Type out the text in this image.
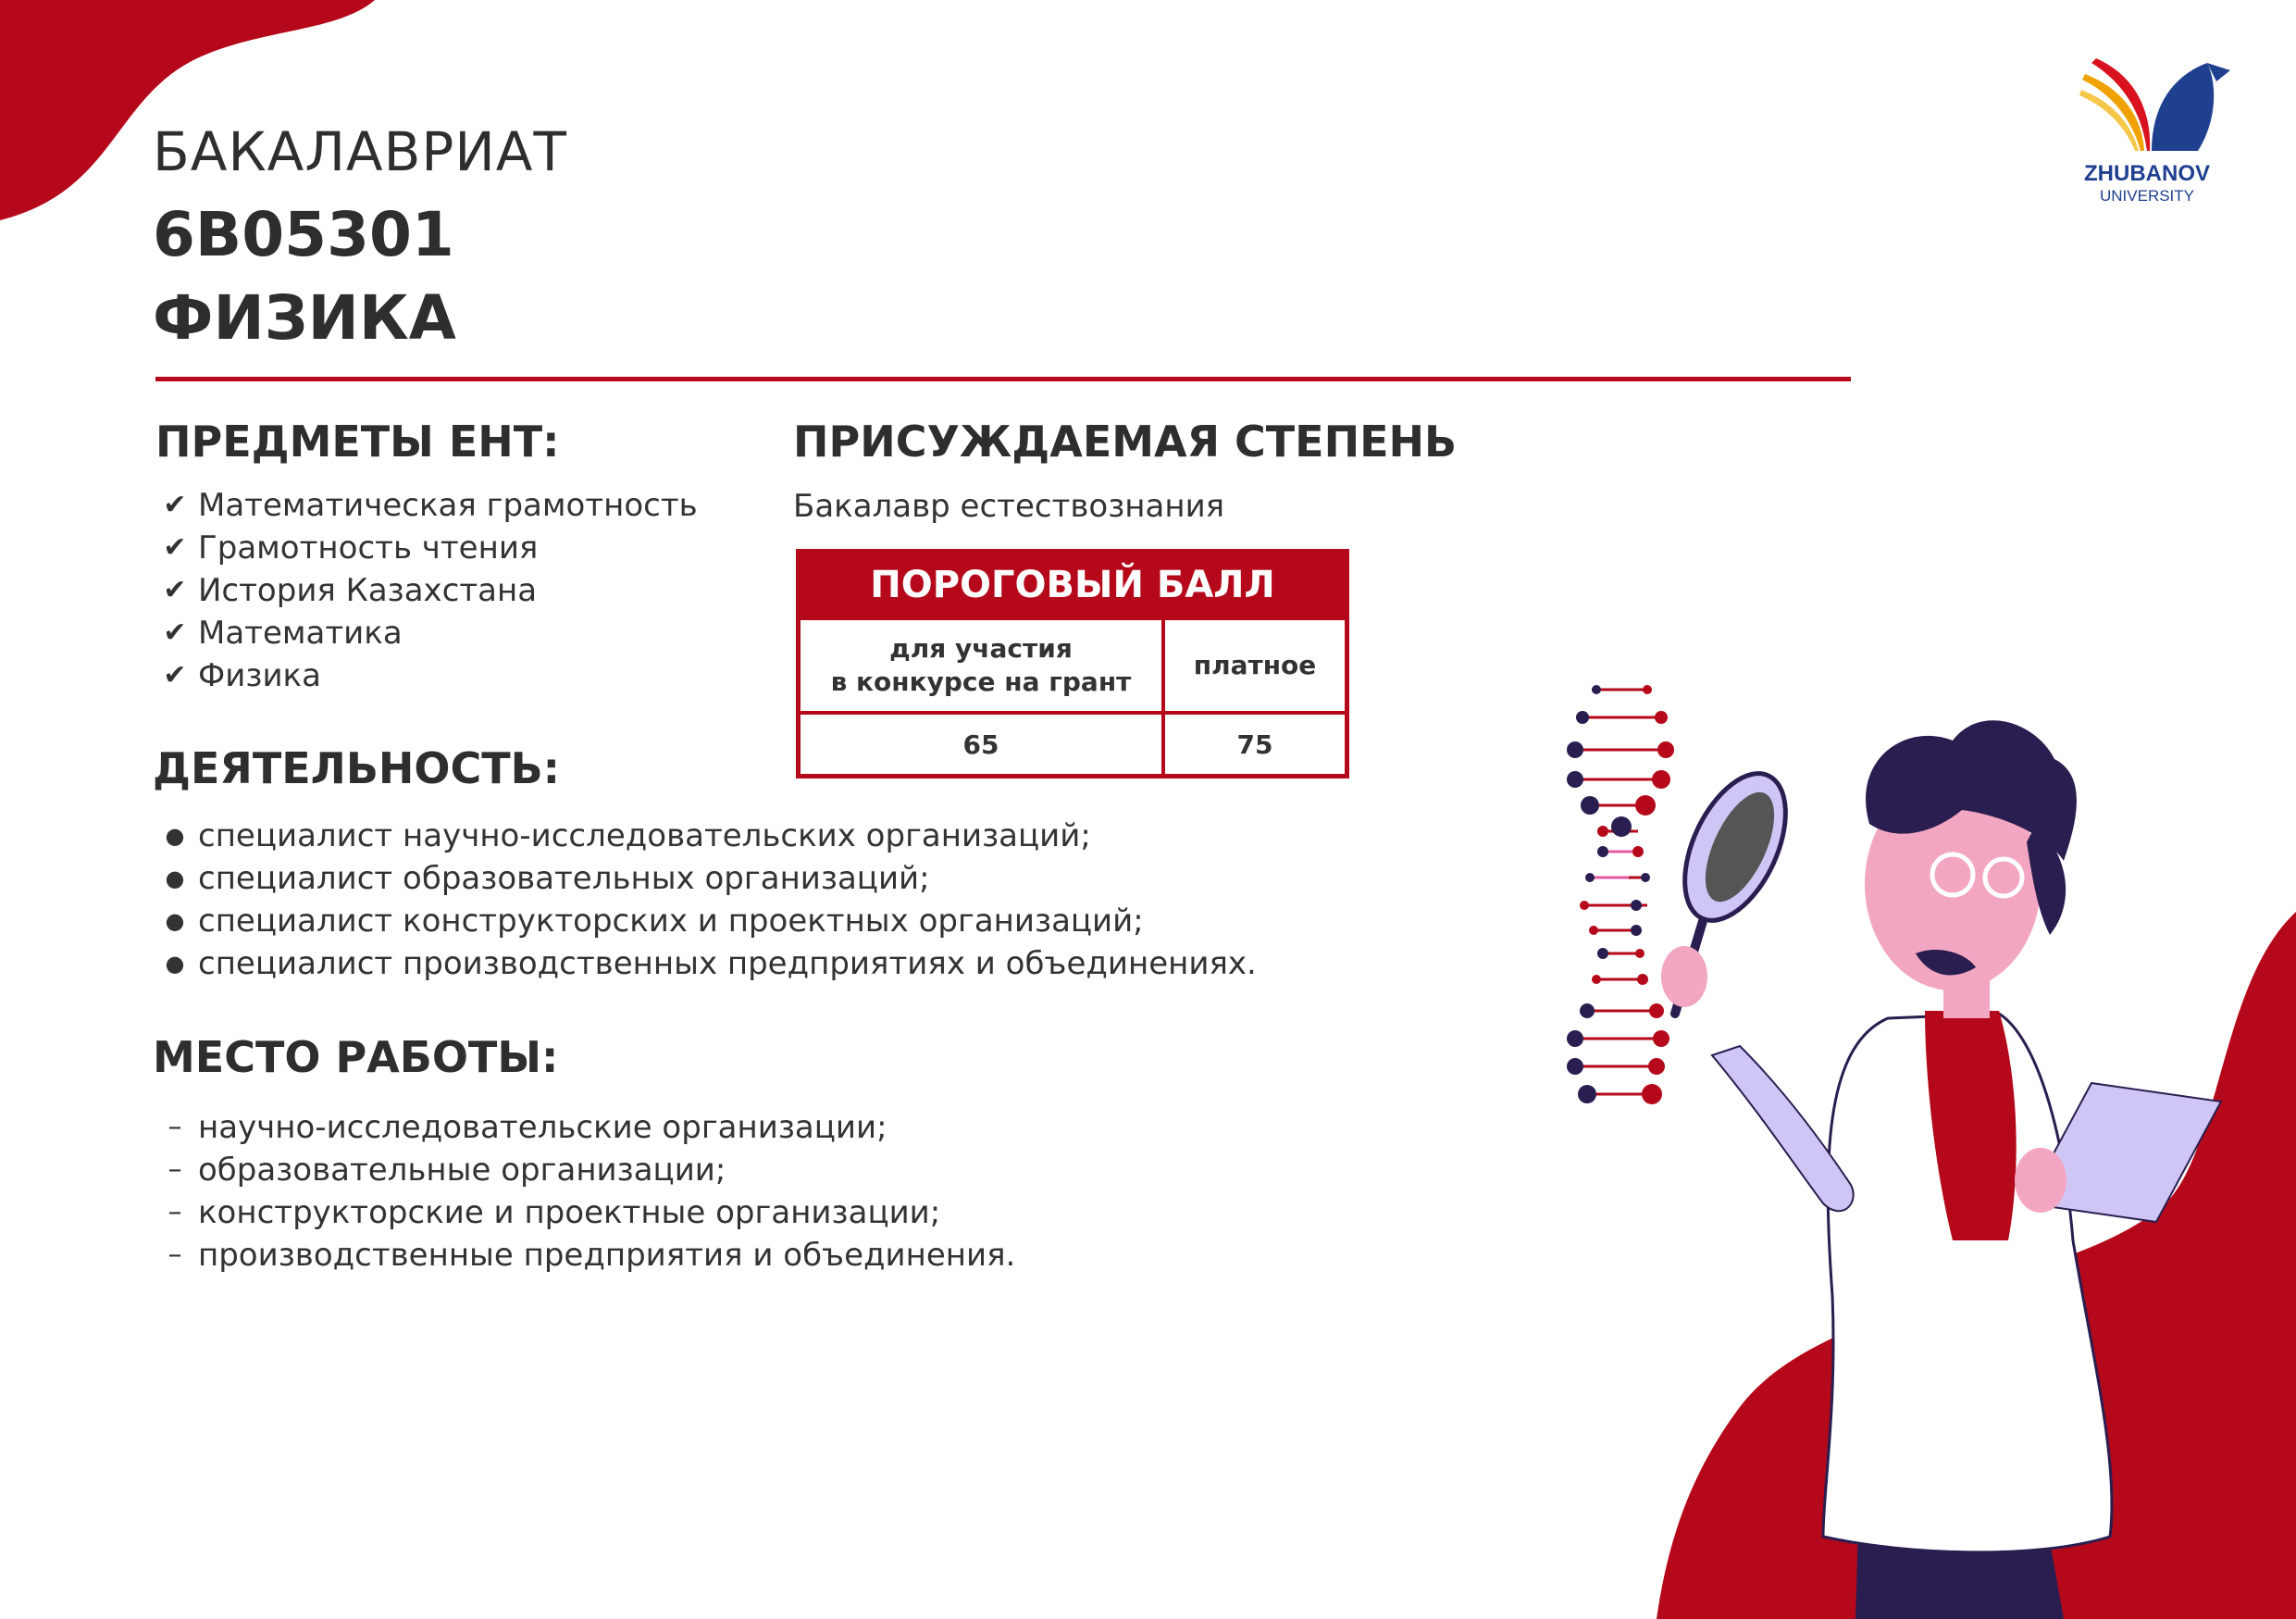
БАКАЛАВРИАТ
6В05301
ФИЗИКА
ZHUBANOV
UNIVERSITY
ПРЕДМЕТЫ ЕНТ:
✔ Математическая грамотность
✔ Грамотность чтения
✔ История Казахстана
✔ Математика
✔ Физика
ПРИСУЖДАЕМАЯ СТЕПЕНЬ
Бакалавр естествознания
ПОРОГОВЫЙ БАЛЛ	

для участия
в конкурсе на грант	платное
65	75
ДЕЯТЕЛЬНОСТЬ:
● специалист научно-исследовательских организаций;
● специалист образовательных организаций;
● специалист конструкторских и проектных организаций;
● специалист производственных предприятиях и объединениях.
МЕСТО РАБОТЫ:
– научно-исследовательские организации;
– образовательные организации;
– конструкторские и проектные организации;
– производственные предприятия и объединения.
